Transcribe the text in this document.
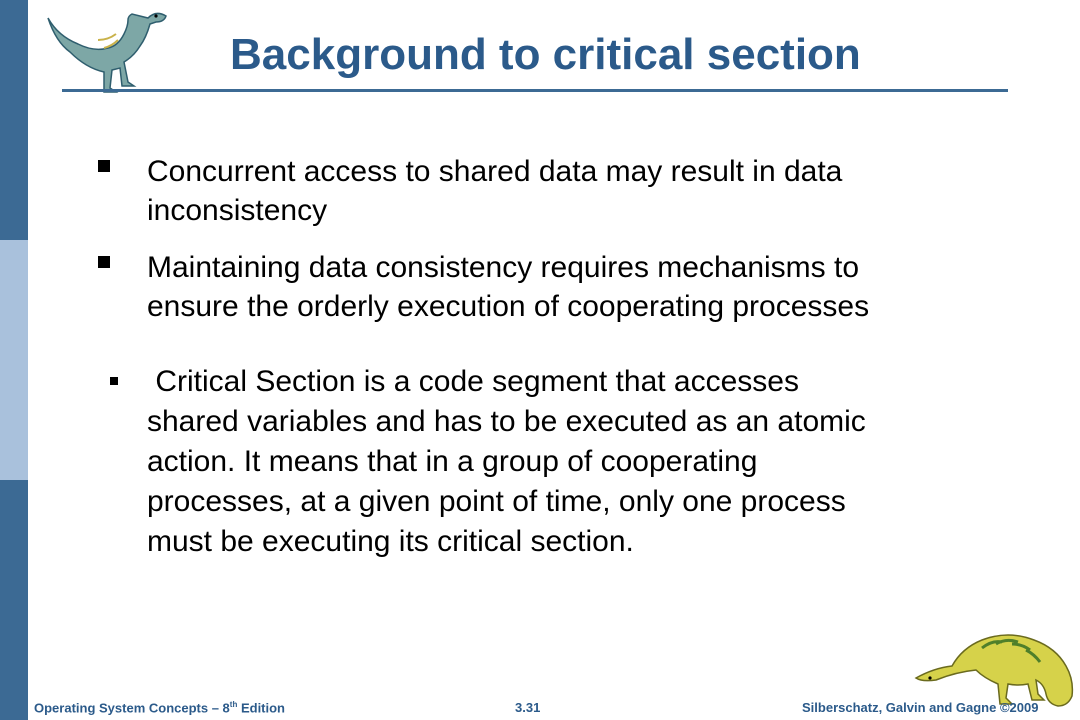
Background to critical section
Concurrent access to shared data may result in data
inconsistency
Maintaining data consistency requires mechanisms to
ensure the orderly execution of cooperating processes
Critical Section is a code segment that accesses
shared variables and has to be executed as an atomic
action. It means that in a group of cooperating
processes, at a given point of time, only one process
must be executing its critical section.
Operating System Concepts – 8th Edition	3.31	Silberschatz, Galvin and Gagne ©2009
